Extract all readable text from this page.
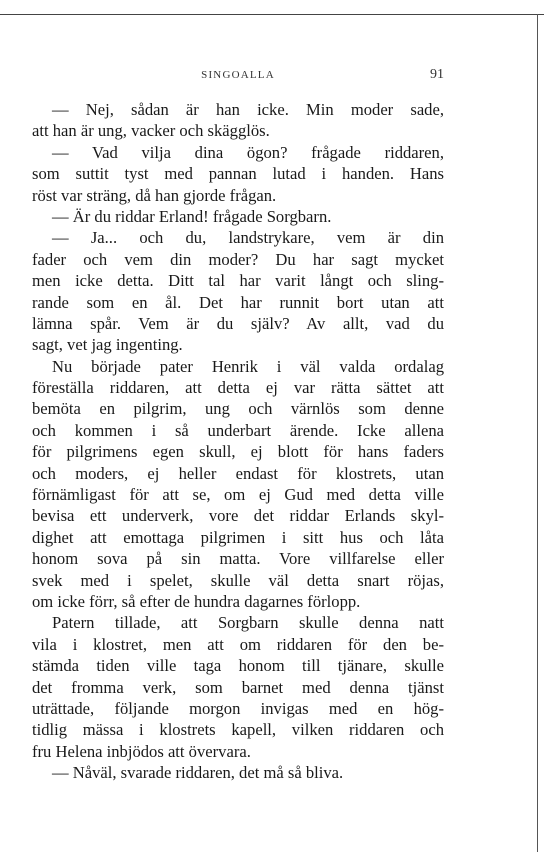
SINGOALLA	91
— Nej, sådan är han icke. Min moder sade,
att han är ung, vacker och skägglös.
— Vad vilja dina ögon? frågade riddaren,
som suttit tyst med pannan lutad i handen. Hans
röst var sträng, då han gjorde frågan.
— Är du riddar Erland! frågade Sorgbarn.
— Ja... och du, landstrykare, vem är din
fader och vem din moder? Du har sagt mycket
men icke detta. Ditt tal har varit långt och sling-
rande som en ål. Det har runnit bort utan att
lämna spår. Vem är du själv? Av allt, vad du
sagt, vet jag ingenting.
Nu började pater Henrik i väl valda ordalag
föreställa riddaren, att detta ej var rätta sättet att
bemöta en pilgrim, ung och värnlös som denne
och kommen i så underbart ärende. Icke allena
för pilgrimens egen skull, ej blott för hans faders
och moders, ej heller endast för klostrets, utan
förnämligast för att se, om ej Gud med detta ville
bevisa ett underverk, vore det riddar Erlands skyl-
dighet att emottaga pilgrimen i sitt hus och låta
honom sova på sin matta. Vore villfarelse eller
svek med i spelet, skulle väl detta snart röjas,
om icke förr, så efter de hundra dagarnes förlopp.
Patern tillade, att Sorgbarn skulle denna natt
vila i klostret, men att om riddaren för den be-
stämda tiden ville taga honom till tjänare, skulle
det fromma verk, som barnet med denna tjänst
uträttade, följande morgon invigas med en hög-
tidlig mässa i klostrets kapell, vilken riddaren och
fru Helena inbjödos att övervara.
— Nåväl, svarade riddaren, det må så bliva.
